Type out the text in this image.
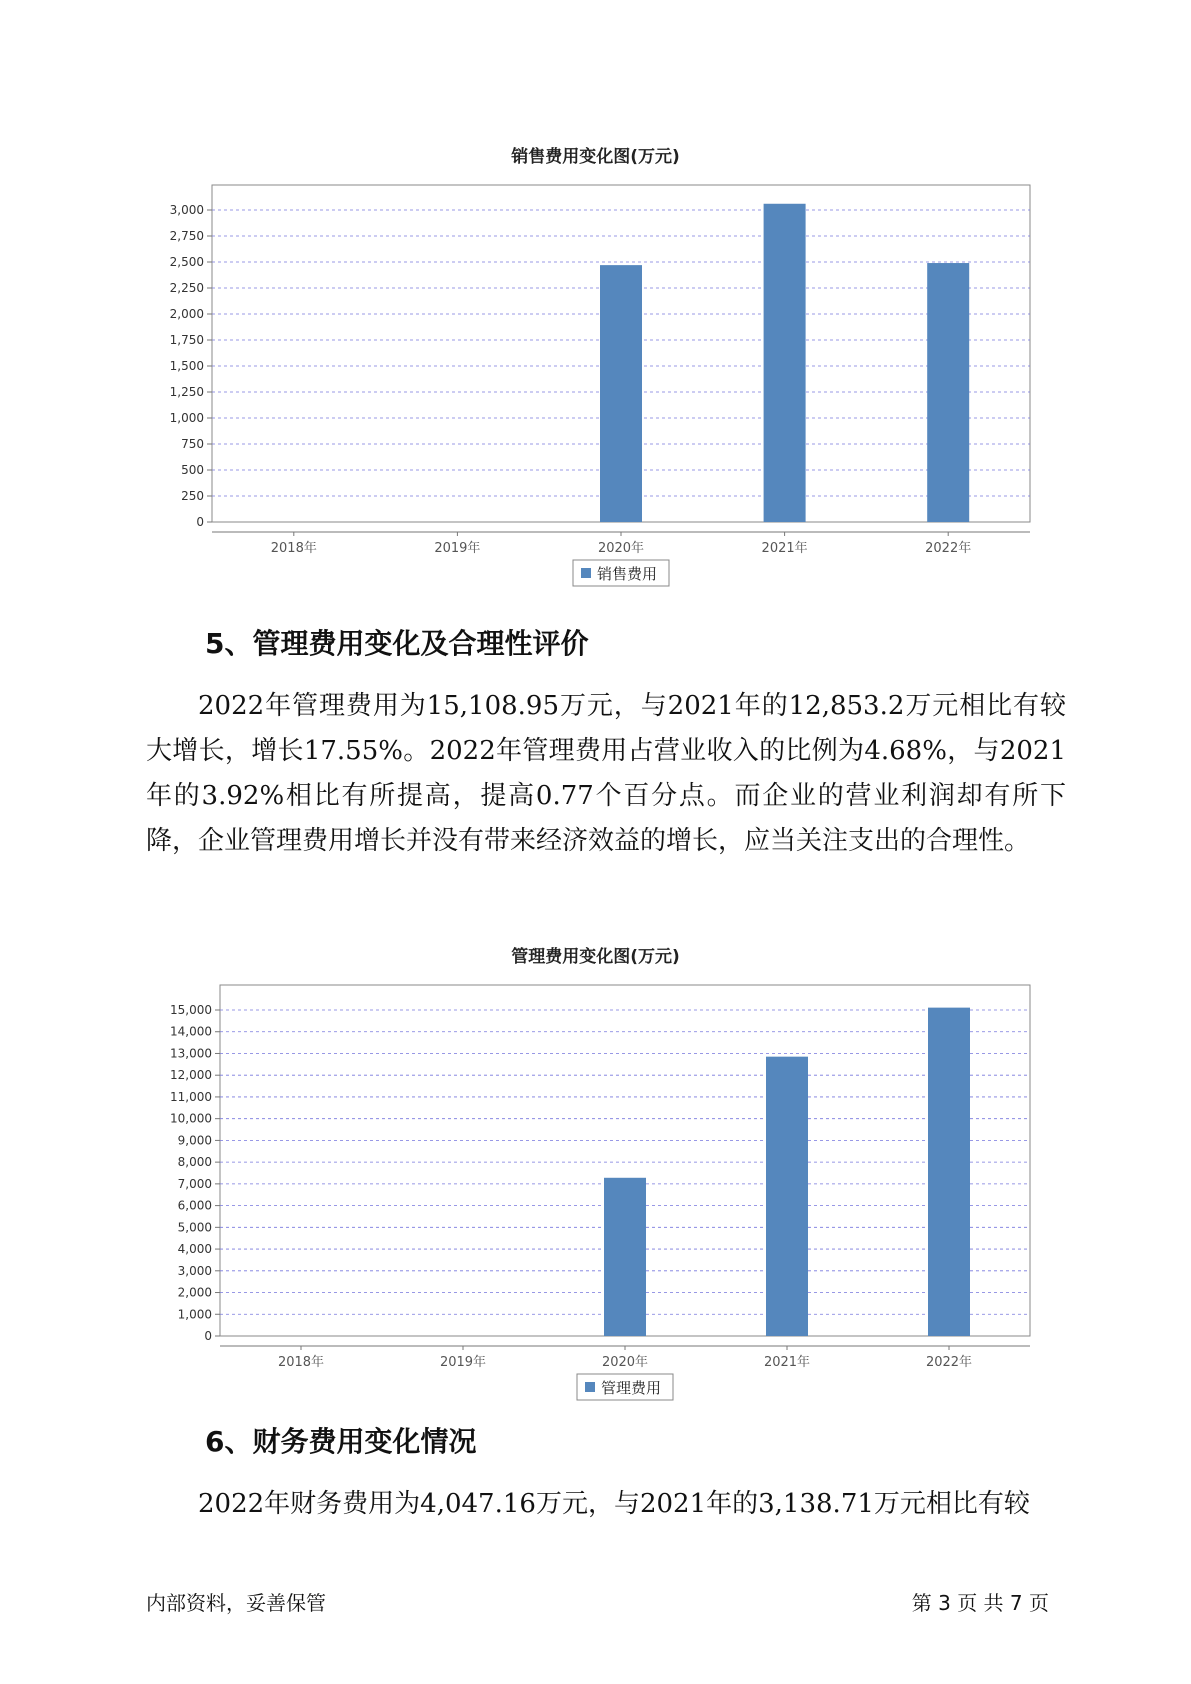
销售费用变化图(万元)
0
250
500
750
1,000
1,250
1,500
1,750
2,000
2,250
2,500
2,750
3,000
2018年	2019年	2020年	2021年	2022年
销售费用
5、管理费用变化及合理性评价
2022年管理费用为15,108.95万元，与2021年的12,853.2万元相比有较大增长，增长17.55%。2022年管理费用占营业收入的比例为4.68%，与2021年的3.92%相比有所提高，提高0.77个百分点。而企业的营业利润却有所下降，企业管理费用增长并没有带来经济效益的增长，应当关注支出的合理性。
管理费用变化图(万元)
0
1,000
2,000
3,000
4,000
5,000
6,000
7,000
8,000
9,000
10,000
11,000
12,000
13,000
14,000
15,000
2018年	2019年	2020年	2021年	2022年
管理费用
6、财务费用变化情况
2022年财务费用为4,047.16万元，与2021年的3,138.71万元相比有较
内部资料，妥善保管	第 3 页 共 7 页
